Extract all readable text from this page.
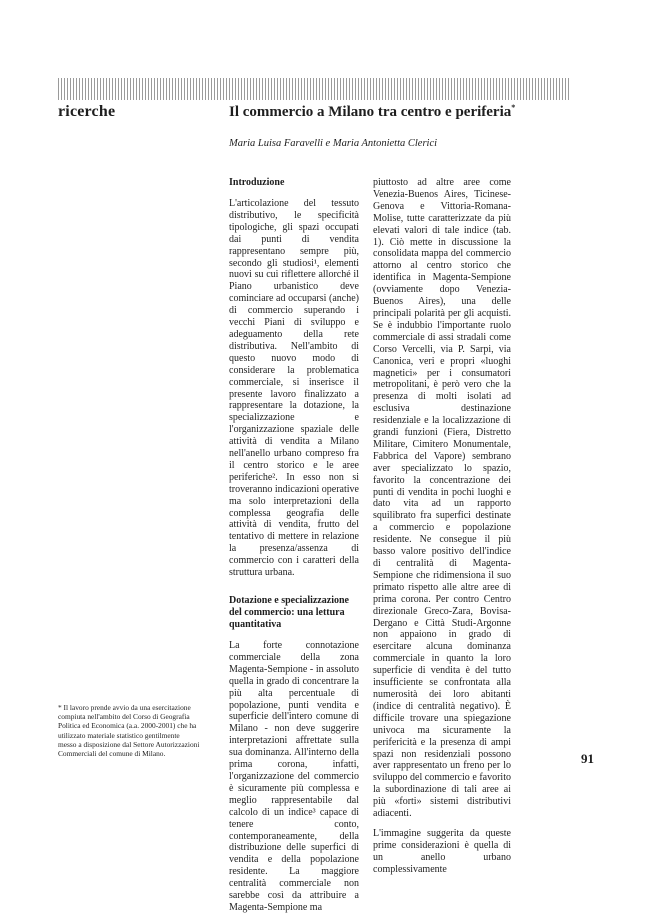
ricerche	Il commercio a Milano tra centro e periferia*
Maria Luisa Faravelli e Maria Antonietta Clerici
Introduzione

L'articolazione del tessuto distributivo, le specificità tipologiche, gli spazi occupati dai punti di vendita rappresentano sempre più, secondo gli studiosi¹, elementi nuovi su cui riflettere allorché il Piano urbanistico deve cominciare ad occuparsi (anche) di commercio superando i vecchi Piani di sviluppo e adeguamento della rete distributiva. Nell'ambito di questo nuovo modo di considerare la problematica commerciale, si inserisce il presente lavoro finalizzato a rappresentare la dotazione, la specializzazione e l'organizzazione spaziale delle attività di vendita a Milano nell'anello urbano compreso fra il centro storico e le aree periferiche². In esso non si troveranno indicazioni operative ma solo interpretazioni della complessa geografia delle attività di vendita, frutto del tentativo di mettere in relazione la presenza/assenza di commercio con i caratteri della struttura urbana.

Dotazione e specializzazione del commercio: una lettura quantitativa

La forte connotazione commerciale della zona Magenta-Sempione - in assoluto quella in grado di concentrare la più alta percentuale di popolazione, punti vendita e superficie dell'intero comune di Milano - non deve suggerire interpretazioni affrettate sulla sua dominanza. All'interno della prima corona, infatti, l'organizzazione del commercio è sicuramente più complessa e meglio rappresentabile dal calcolo di un indice³ capace di tenere conto, contemporaneamente, della distribuzione delle superfici di vendita e della popolazione residente. La maggiore centralità commerciale non sarebbe così da attribuire a Magenta-Sempione ma

piuttosto ad altre aree come Venezia-Buenos Aires, Ticinese-Genova e Vittoria-Romana-Molise, tutte caratterizzate da più elevati valori di tale indice (tab. 1). Ciò mette in discussione la consolidata mappa del commercio attorno al centro storico che identifica in Magenta-Sempione (ovviamente dopo Venezia-Buenos Aires), una delle principali polarità per gli acquisti. Se è indubbio l'importante ruolo commerciale di assi stradali come Corso Vercelli, via P. Sarpi, via Canonica, veri e propri «luoghi magnetici» per i consumatori metropolitani, è però vero che la presenza di molti isolati ad esclusiva destinazione residenziale e la localizzazione di grandi funzioni (Fiera, Distretto Militare, Cimitero Monumentale, Fabbrica del Vapore) sembrano aver specializzato lo spazio, favorito la concentrazione dei punti di vendita in pochi luoghi e dato vita ad un rapporto squilibrato fra superfici destinate a commercio e popolazione residente. Ne consegue il più basso valore positivo dell'indice di centralità di Magenta-Sempione che ridimensiona il suo primato rispetto alle altre aree di prima corona. Per contro Centro direzionale Greco-Zara, Bovisa-Dergano e Città Studi-Argonne non appaiono in grado di esercitare alcuna dominanza commerciale in quanto la loro superficie di vendita è del tutto insufficiente se confrontata alla numerosità dei loro abitanti (indice di centralità negativo). È difficile trovare una spiegazione univoca ma sicuramente la perifericità e la presenza di ampi spazi non residenziali possono aver rappresentato un freno per lo sviluppo del commercio e favorito la subordinazione di tali aree ai più «forti» sistemi distributivi adiacenti.

L'immagine suggerita da queste prime considerazioni è quella di un anello urbano complessivamente

* Il lavoro prende avvio da una esercitazione compiuta nell'ambito del Corso di Geografia Politica ed Economica (a.a. 2000-2001) che ha utilizzato materiale statistico gentilmente messo a disposizione dal Settore Autorizzazioni Commerciali del comune di Milano.	91
